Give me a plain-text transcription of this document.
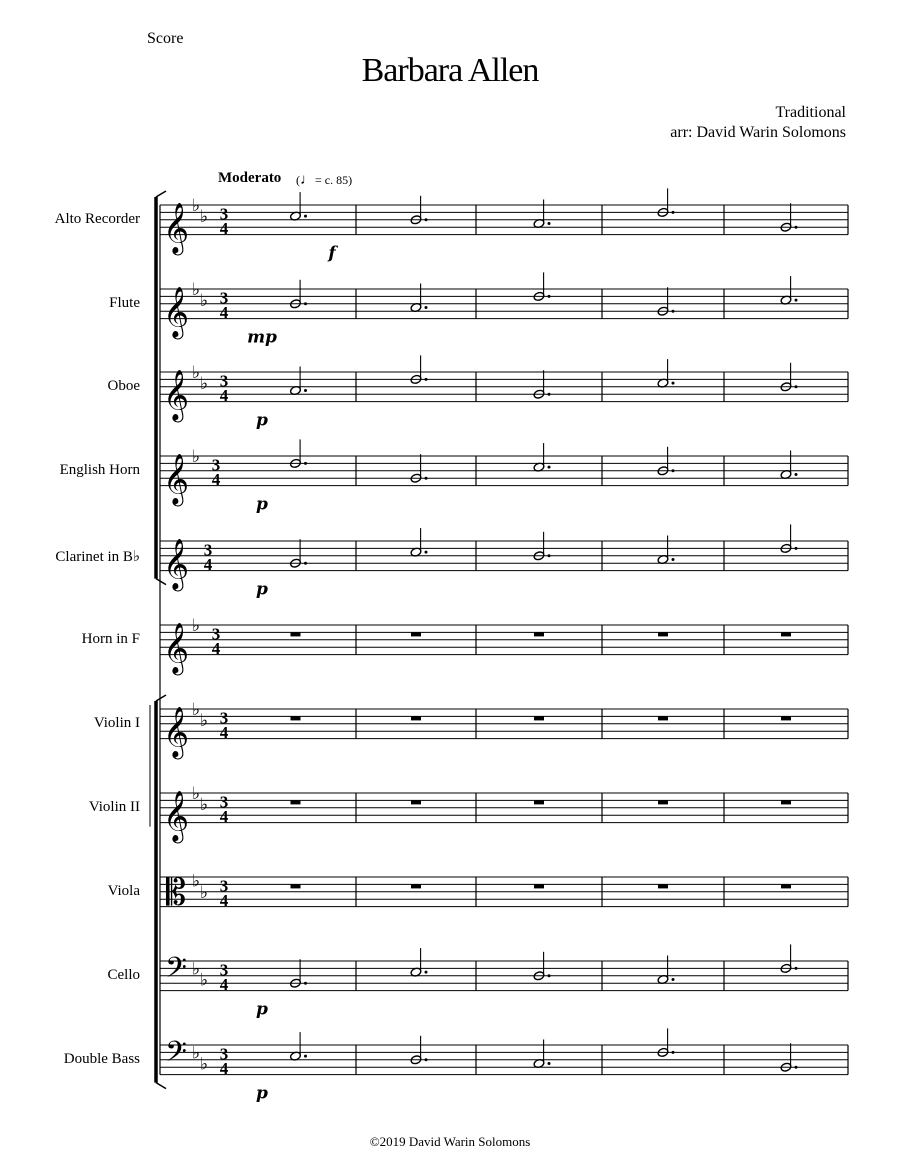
Score
Barbara Allen
Traditional
arr: David Warin Solomons
Moderato (♩= c. 85)
Alto Recorder
Flute
Oboe
English Horn
Clarinet in B♭
Horn in F
Violin I
Violin II
Viola
Cello
Double Bass
𝄞 ♭
♭ 3
4
f
𝄞 ♭
♭ 3
4
mp
𝄞 ♭
♭ 3
4
p
𝄞 ♭ 3
4
p
𝄞 3
4
p
𝄞 ♭ 3
4
𝄞 ♭
♭ 3
4
𝄞 ♭
♭ 3
4
𝄡 ♭
♭ 3
4
𝄢 ♭
♭
3
4
p
𝄢 ♭
♭
3
4
p
©2019 David Warin Solomons
